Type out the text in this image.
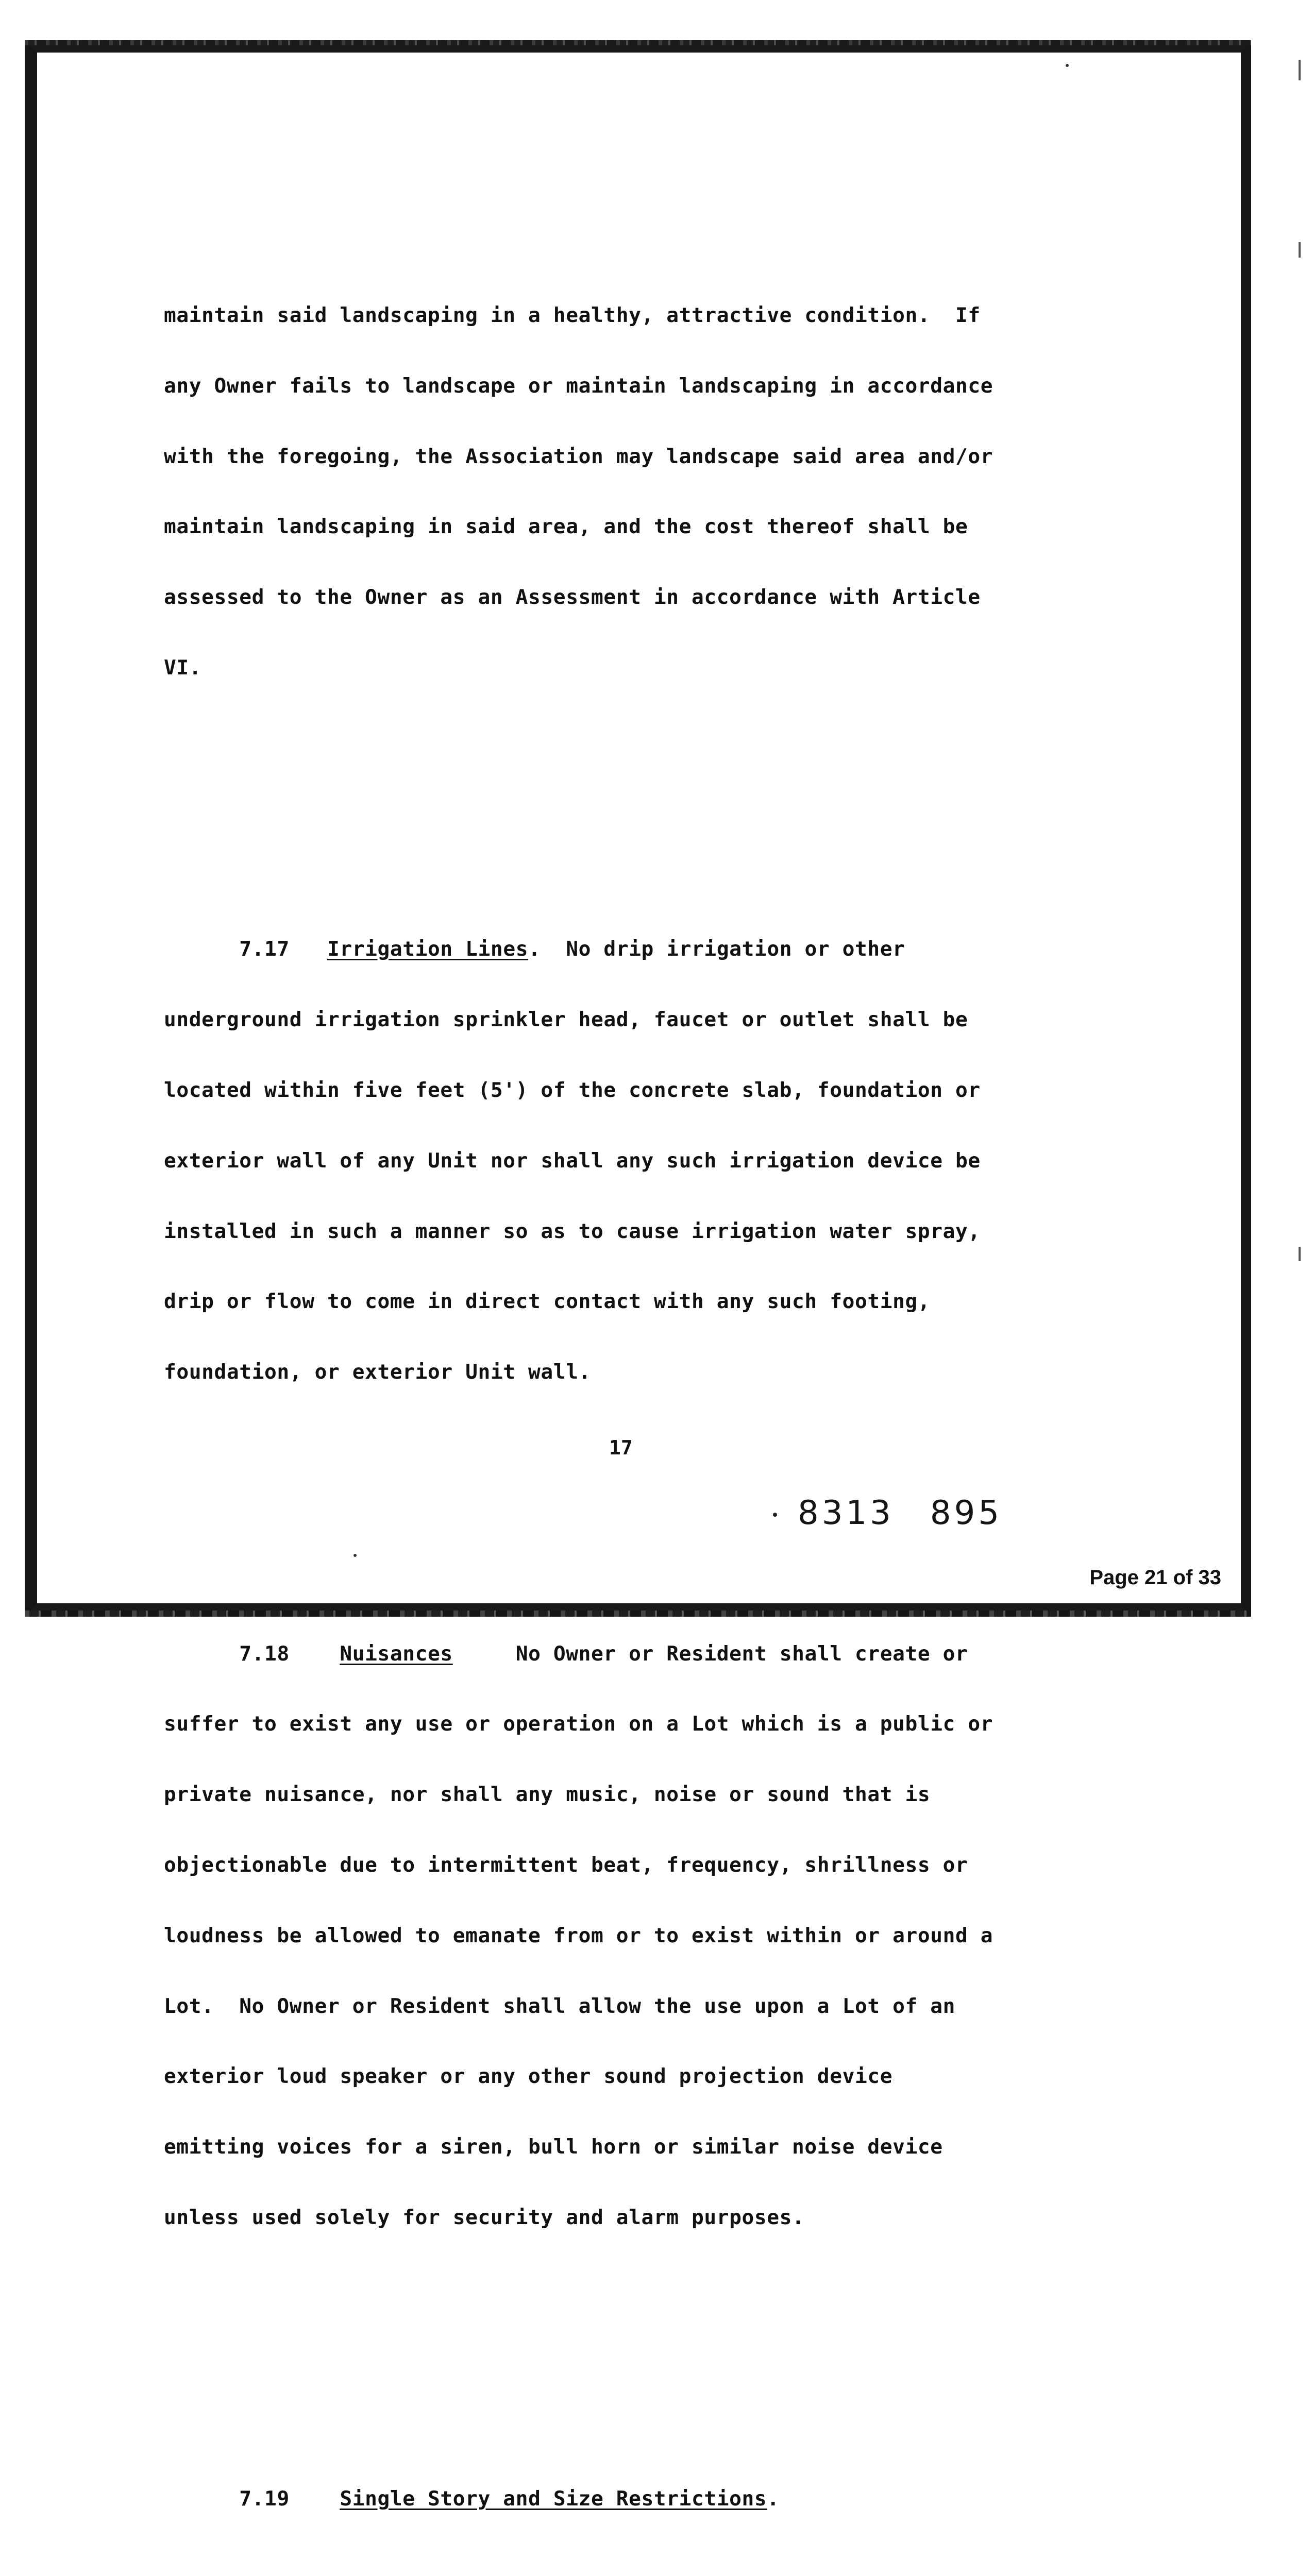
maintain said landscaping in a healthy, attractive condition.  If

any Owner fails to landscape or maintain landscaping in accordance

with the foregoing, the Association may landscape said area and/or

maintain landscaping in said area, and the cost thereof shall be

assessed to the Owner as an Assessment in accordance with Article

VI.

7.17 Irrigation Lines.  No drip irrigation or other

underground irrigation sprinkler head, faucet or outlet shall be

located within five feet (5') of the concrete slab, foundation or

exterior wall of any Unit nor shall any such irrigation device be

installed in such a manner so as to cause irrigation water spray,

drip or flow to come in direct contact with any such footing,

foundation, or exterior Unit wall.

7.18 Nuisances     No Owner or Resident shall create or

suffer to exist any use or operation on a Lot which is a public or

private nuisance, nor shall any music, noise or sound that is

objectionable due to intermittent beat, frequency, shrillness or

loudness be allowed to emanate from or to exist within or around a

Lot.  No Owner or Resident shall allow the use upon a Lot of an

exterior loud speaker or any other sound projection device

emitting voices for a siren, bull horn or similar noise device

unless used solely for security and alarm purposes.

7.19 Single Story and Size Restrictions.

17
8313 895
Page 21 of 33
